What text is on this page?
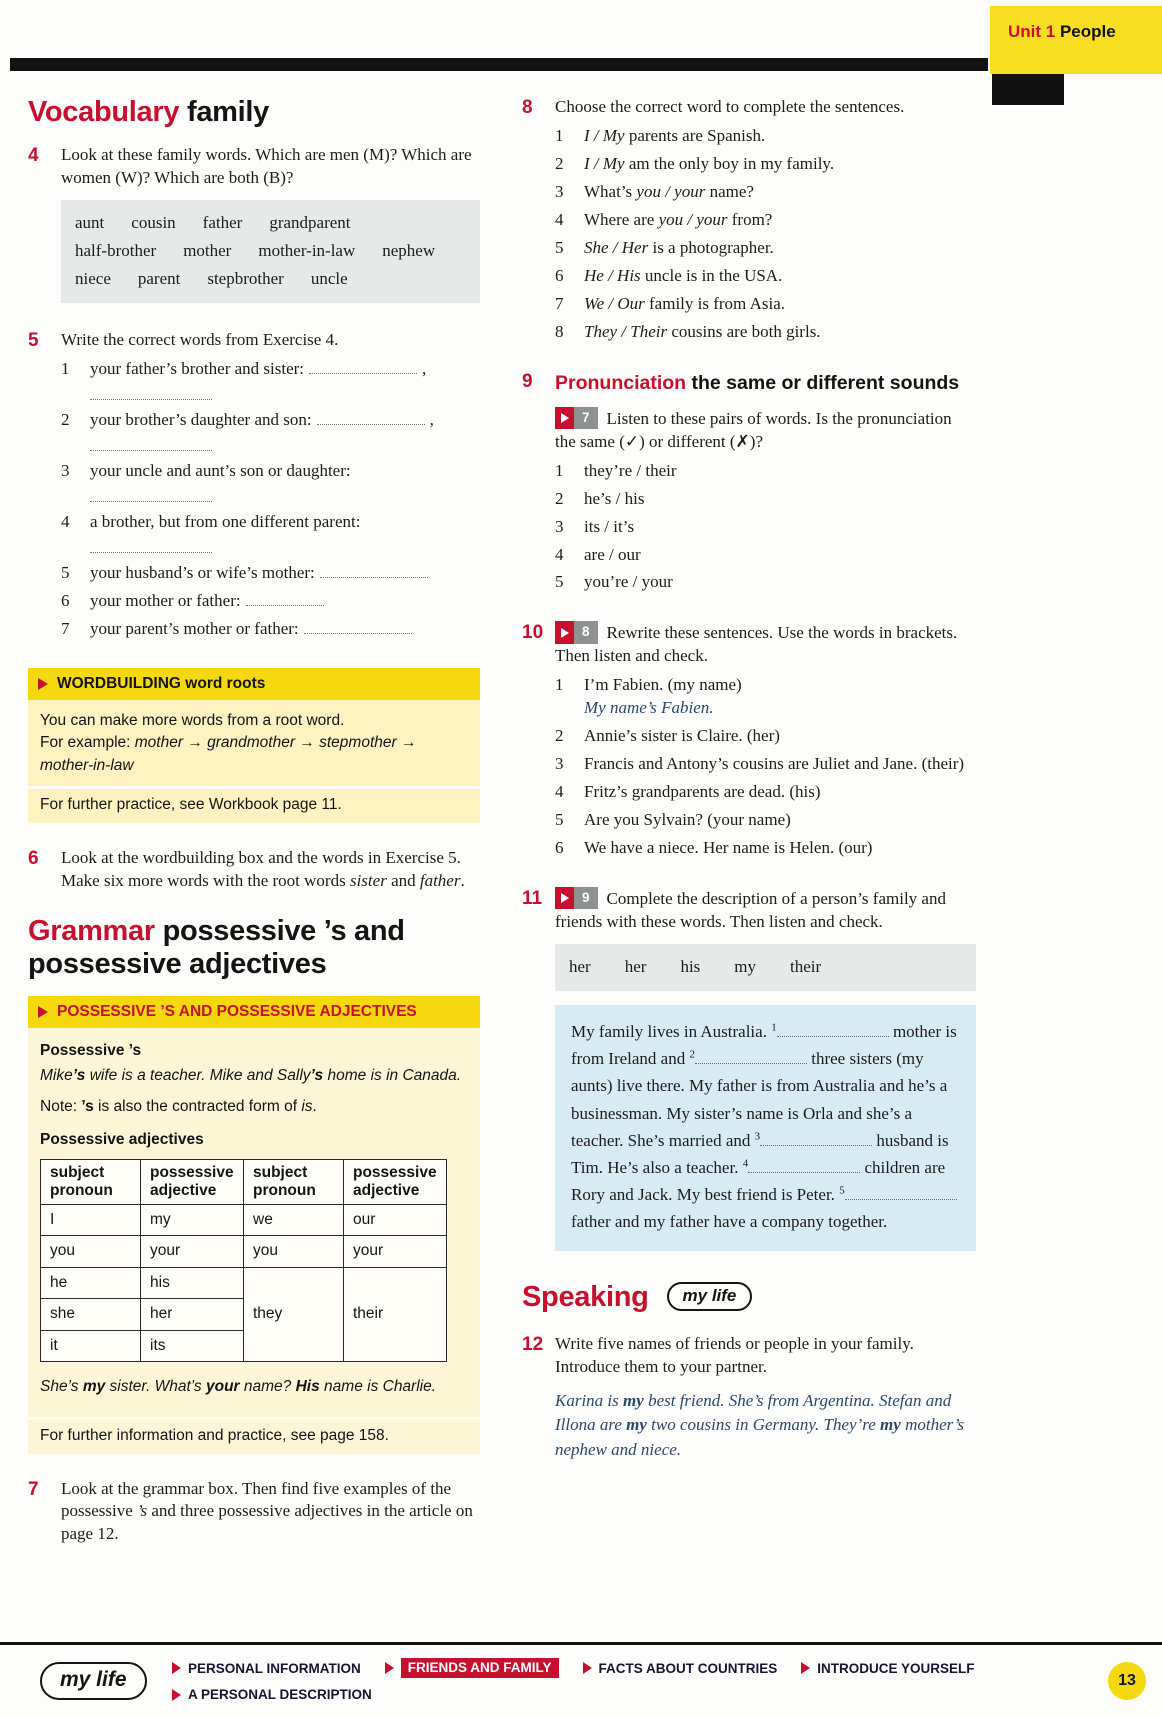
Unit 1 People
Vocabulary family
4	Look at these family words. Which are men (M)? Which are women (W)? Which are both (B)?

aunt cousin father grandparenthalf-brother mother mother-in-law nephewniece parent stepbrother uncle
5	Write the correct words from Exercise 4.

1	your father’s brother and sister:	,
2	your brother’s daughter and son:	,
3	your uncle and aunt’s son or daughter:
4	a brother, but from one different parent:
5	your husband’s or wife’s mother:
6	your mother or father:
7	your parent’s mother or father:
WORDBUILDING word roots
You can make more words from a root word.
For example: mother → grandmother → stepmother → mother-in-law
For further practice, see Workbook page 11.
6	Look at the wordbuilding box and the words in Exercise 5. Make six more words with the root words sister and father.

Grammar possessive ’s and
possessive adjectives
POSSESSIVE ’S AND POSSESSIVE ADJECTIVES
Possessive ’s
Mike’s wife is a teacher. Mike and Sally’s home is in Canada.
Note: ’s is also the contracted form of is.
Possessive adjectives
subject pronoun	possessive adjective	subject pronoun	possessive adjective
I	my	we	our
you	your	you	your
he	his	they	their
she	her		
it	its		
She’s my sister. What’s your name? His name is Charlie.
For further information and practice, see page 158.
7	Look at the grammar box. Then find five examples of the possessive ’s and three possessive adjectives in the article on page 12.

8	Choose the correct word to complete the sentences.

1	I / My parents are Spanish.
2	I / My am the only boy in my family.
3	What’s you / your name?
4	Where are you / your from?
5	She / Her is a photographer.
6	He / His uncle is in the USA.
7	We / Our family is from Asia.
8	They / Their cousins are both girls.
9	Pronunciation the same or different sounds

7	Listen to these pairs of words. Is the pronunciation the same (✓) or different (✗)?

1	they’re / their
2	he’s / his
3	its / it’s
4	are / our
5	you’re / your
10	8	Rewrite these sentences. Use the words in brackets. Then listen and check.

1	I’m Fabien. (my name)
My name’s Fabien.
2	Annie’s sister is Claire. (her)
3	Francis and Antony’s cousins are Juliet and Jane. (their)
4	Fritz’s grandparents are dead. (his)
5	Are you Sylvain? (your name)
6	We have a niece. Her name is Helen. (our)
11	9	Complete the description of a person’s family and friends with these words. Then listen and check.

her her his my their
My family lives in Australia. $^1$	mother is from Ireland and $^2$	three sisters (my aunts) live there. My father is from Australia and he’s a businessman. My sister’s name is Orla and she’s a teacher. She’s married and $^3$	husband is Tim. He’s also a teacher. $^4$	children are Rory and Jack. My best friend is Peter. $^5$ father and my father have a company together.
Speaking	my life
12 Write five names of friends or people in your family. Introduce them to your partner.

Karina is my best friend. She’s from Argentina. Stefan and Illona are my two cousins in Germany. They’re my mother’s nephew and niece.
my life	PERSONAL INFORMATION	FRIENDS AND FAMILY	FACTS ABOUT COUNTRIES	INTRODUCE YOURSELF
A PERSONAL DESCRIPTION
13
